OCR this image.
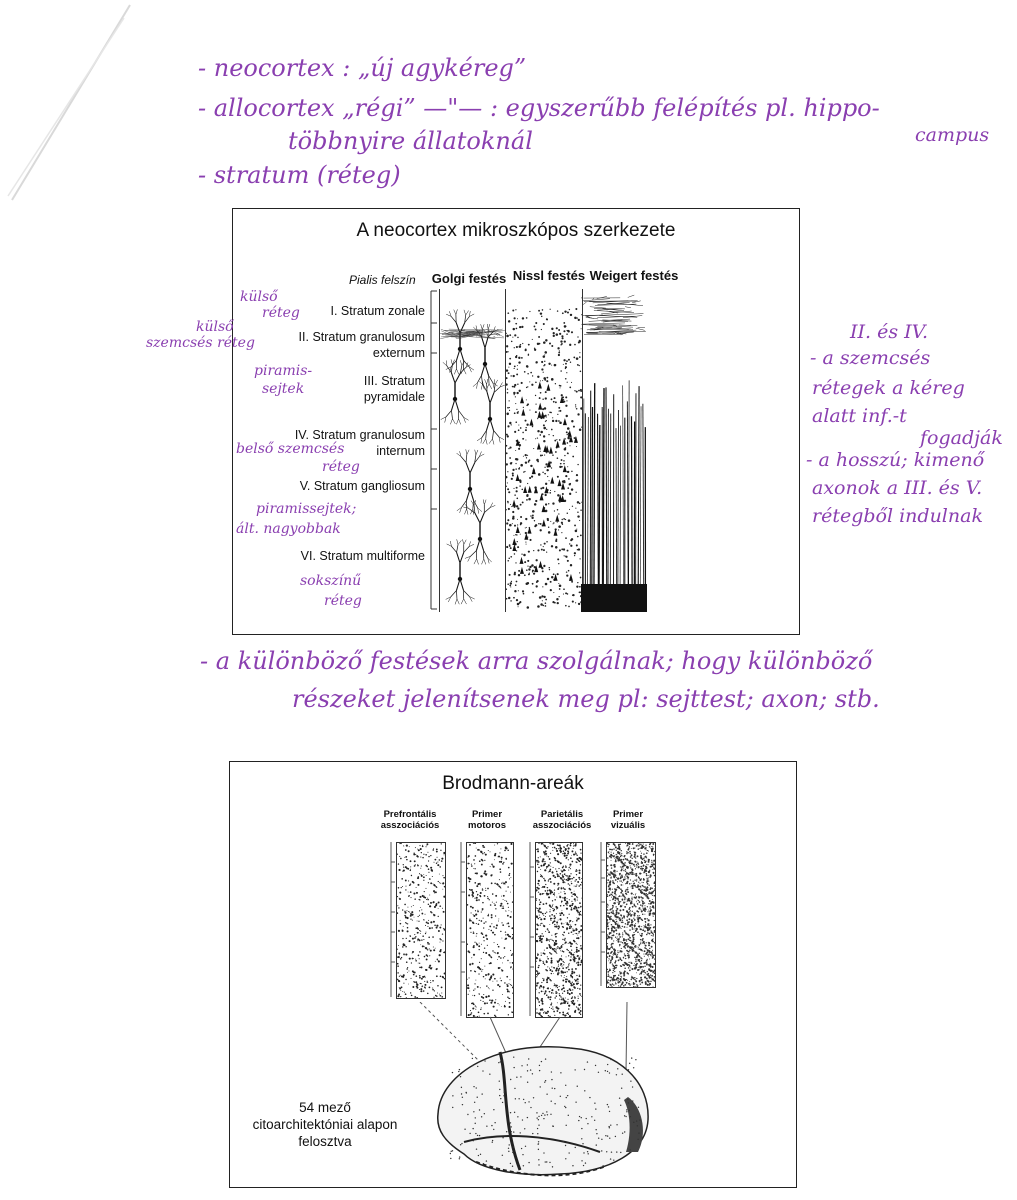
- neocortex : „új agykéreg”
- allocortex „régi” —"— : egyszerűbb felépítés pl. hippo-
campus
többnyire állatoknál
- stratum (réteg)
A neocortex mikroszkópos szerkezete
Pialis felszín Golgi festés Nissl festés Weigert festés
I. Stratum zonale
II. Stratum granulosum
externum
III. Stratum
pyramidale
IV. Stratum granulosum
internum
V. Stratum gangliosum
VI. Stratum multiforme
külső
réteg
külső
szemcsés réteg
piramis-
sejtek
belső szemcsés
réteg
piramissejtek;
ált. nagyobbak
sokszínű
réteg
II. és IV.
- a szemcsés
rétegek a kéreg
alatt inf.-t
fogadják
- a hosszú; kimenő
axonok a III. és V.
rétegből indulnak
- a különböző festések arra szolgálnak; hogy különböző
részeket jelenítsenek meg pl: sejttest; axon; stb.
Brodmann-areák
Prefrontális
asszociációs
Primer
motoros
Parietális
asszociációs
Primer
vizuális
54 mező
citoarchitektóniai alapon
felosztva
